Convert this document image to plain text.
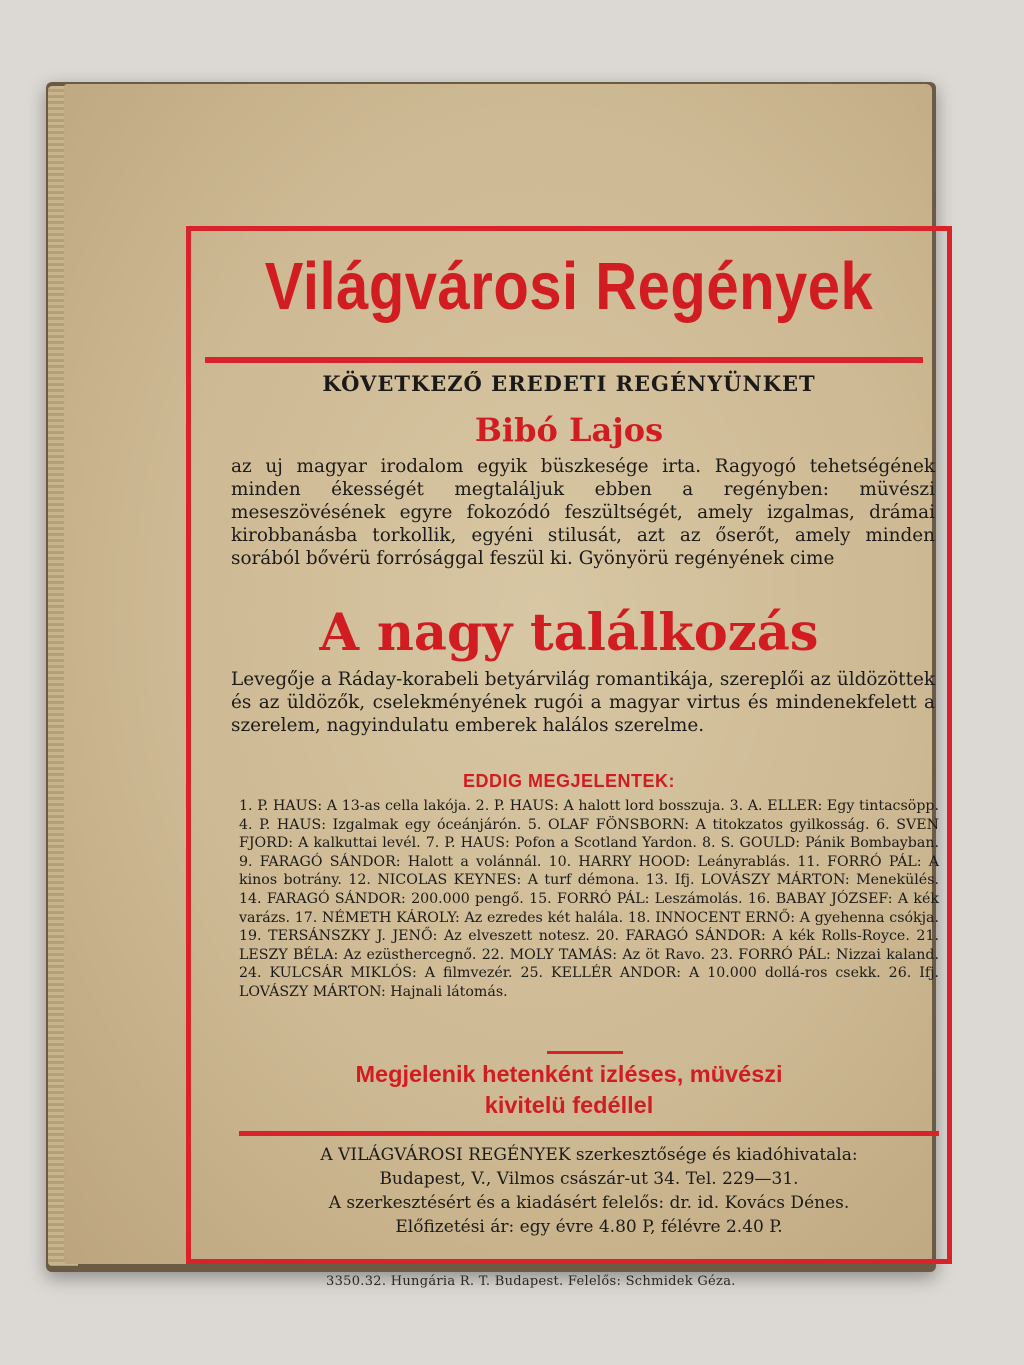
Világvárosi Regények
KÖVETKEZŐ EREDETI REGÉNYÜNKET
Bibó Lajos
az uj magyar irodalom egyik büszkesége irta. Ragyogó tehetségének minden ékességét megtaláljuk ebben a regényben: müvészi meseszövésének egyre fokozódó feszültségét, amely izgalmas, drámai kirobbanásba torkollik, egyéni stilusát, azt az őserőt, amely minden sorából bővérü forrósággal feszül ki. Gyönyörü regényének cime
A nagy találkozás
Levegője a Ráday-korabeli betyárvilág romantikája, szereplői az üldözöttek és az üldözők, cselekményének rugói a magyar virtus és mindenekfelett a szerelem, nagyindulatu emberek halálos szerelme.
EDDIG MEGJELENTEK:
1. P. HAUS: A 13-as cella lakója. 2. P. HAUS: A halott lord bosszuja. 3. A. ELLER: Egy tintacsöpp. 4. P. HAUS: Izgalmak egy óceánjárón. 5. OLAF FÖNSBORN: A titokzatos gyilkosság. 6. SVEN FJORD: A kalkuttai levél. 7. P. HAUS: Pofon a Scotland Yardon. 8. S. GOULD: Pánik Bombayban. 9. FARAGÓ SÁNDOR: Halott a volánnál. 10. HARRY HOOD: Leányrablás. 11. FORRÓ PÁL: A kinos botrány. 12. NICOLAS KEYNES: A turf démona. 13. Ifj. LOVÁSZY MÁRTON: Menekülés. 14. FARAGÓ SÁNDOR: 200.000 pengő. 15. FORRÓ PÁL: Leszámolás. 16. BABAY JÓZSEF: A kék varázs. 17. NÉMETH KÁROLY: Az ezredes két halála. 18. INNOCENT ERNŐ: A gyehenna csókja. 19. TERSÁNSZKY J. JENŐ: Az elveszett notesz. 20. FARAGÓ SÁNDOR: A kék Rolls-Royce. 21. LESZY BÉLA: Az ezüsthercegnő. 22. MOLY TAMÁS: Az öt Ravo. 23. FORRÓ PÁL: Nizzai kaland. 24. KULCSÁR MIKLÓS: A filmvezér. 25. KELLÉR ANDOR: A 10.000 dollá-ros csekk. 26. Ifj. LOVÁSZY MÁRTON: Hajnali látomás.
Megjelenik hetenként izléses, müvészi
kivitelü fedéllel
A VILÁGVÁROSI REGÉNYEK szerkesztősége és kiadóhivatala:
Budapest, V., Vilmos császár-ut 34. Tel. 229—31.
A szerkesztésért és a kiadásért felelős: dr. id. Kovács Dénes.
Előfizetési ár: egy évre 4.80 P, félévre 2.40 P.
3350.32. Hungária R. T. Budapest. Felelős: Schmidek Géza.
